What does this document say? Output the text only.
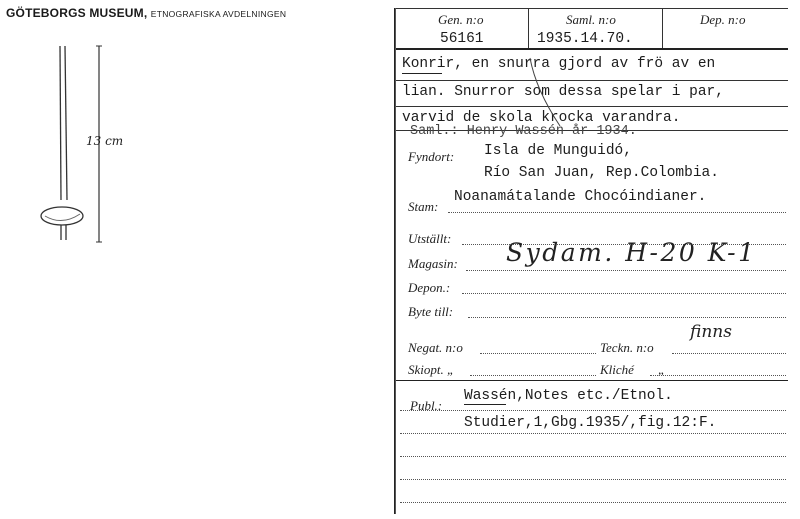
GÖTEBORGS MUSEUM, ETNOGRAFISKA AVDELNINGEN
13 cm
Gen. n:o
56161
Saml. n:o
1935.14.70.
Dep. n:o
Konrir, en snurra gjord av frö av en
lian. Snurror som dessa spelar i par,
varvid de skola krocka varandra.
Saml.: Henry Wassén år 1934.
Fyndort: Isla de Munguidó,
Río San Juan, Rep.Colombia.
Stam:
Noanamátalande Chocóindianer.
Utställt:
Magasin: Sydam. H-20 K-1
Depon.:
Byte till:
Negat. n:o	Teckn. n:o
finns
Skiopt. „	Kliché „
Publ.:
Wassén,Notes etc./Etnol.
Studier,1,Gbg.1935/,fig.12:F.
